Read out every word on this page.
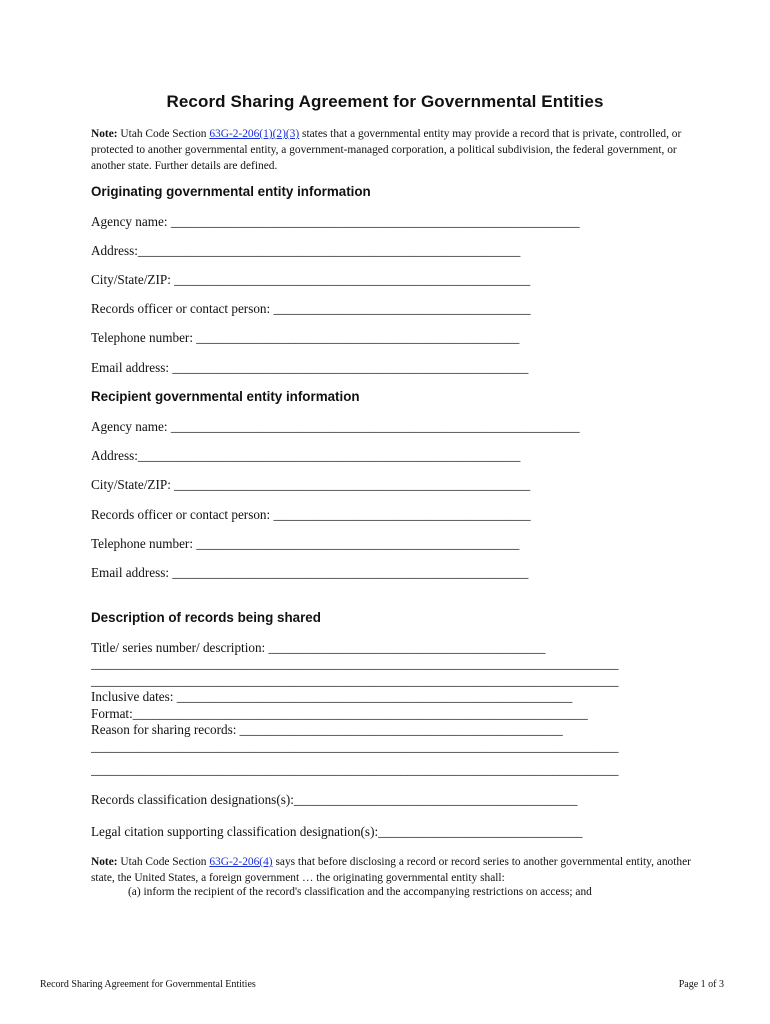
Record Sharing Agreement for Governmental Entities
Note: Utah Code Section 63G-2-206(1)(2)(3) states that a governmental entity may provide a record that is private, controlled, or protected to another governmental entity, a government-managed corporation, a political subdivision, the federal government, or another state. Further details are defined.
Originating governmental entity information
Agency name: ______________________________________________________________
Address:__________________________________________________________
City/State/ZIP: ______________________________________________________
Records officer or contact person: _______________________________________
Telephone number: _________________________________________________
Email address: ______________________________________________________
Recipient governmental entity information
Agency name: ______________________________________________________________
Address:__________________________________________________________
City/State/ZIP: ______________________________________________________
Records officer or contact person: _______________________________________
Telephone number: _________________________________________________
Email address: ______________________________________________________
Description of records being shared
Title/ series number/ description: __________________________________________
________________________________________________________________________________
________________________________________________________________________________
Inclusive dates: ____________________________________________________________
Format:_____________________________________________________________________
Reason for sharing records: _________________________________________________
________________________________________________________________________________
________________________________________________________________________________
Records classification designations(s):___________________________________________
Legal citation supporting classification designation(s):_______________________________
Note: Utah Code Section 63G-2-206(4) says that before disclosing a record or record series to another governmental entity, another state, the United States, a foreign government … the originating governmental entity shall:
(a) inform the recipient of the record's classification and the accompanying restrictions on access; and
Record Sharing Agreement for Governmental Entities	Page 1 of 3
